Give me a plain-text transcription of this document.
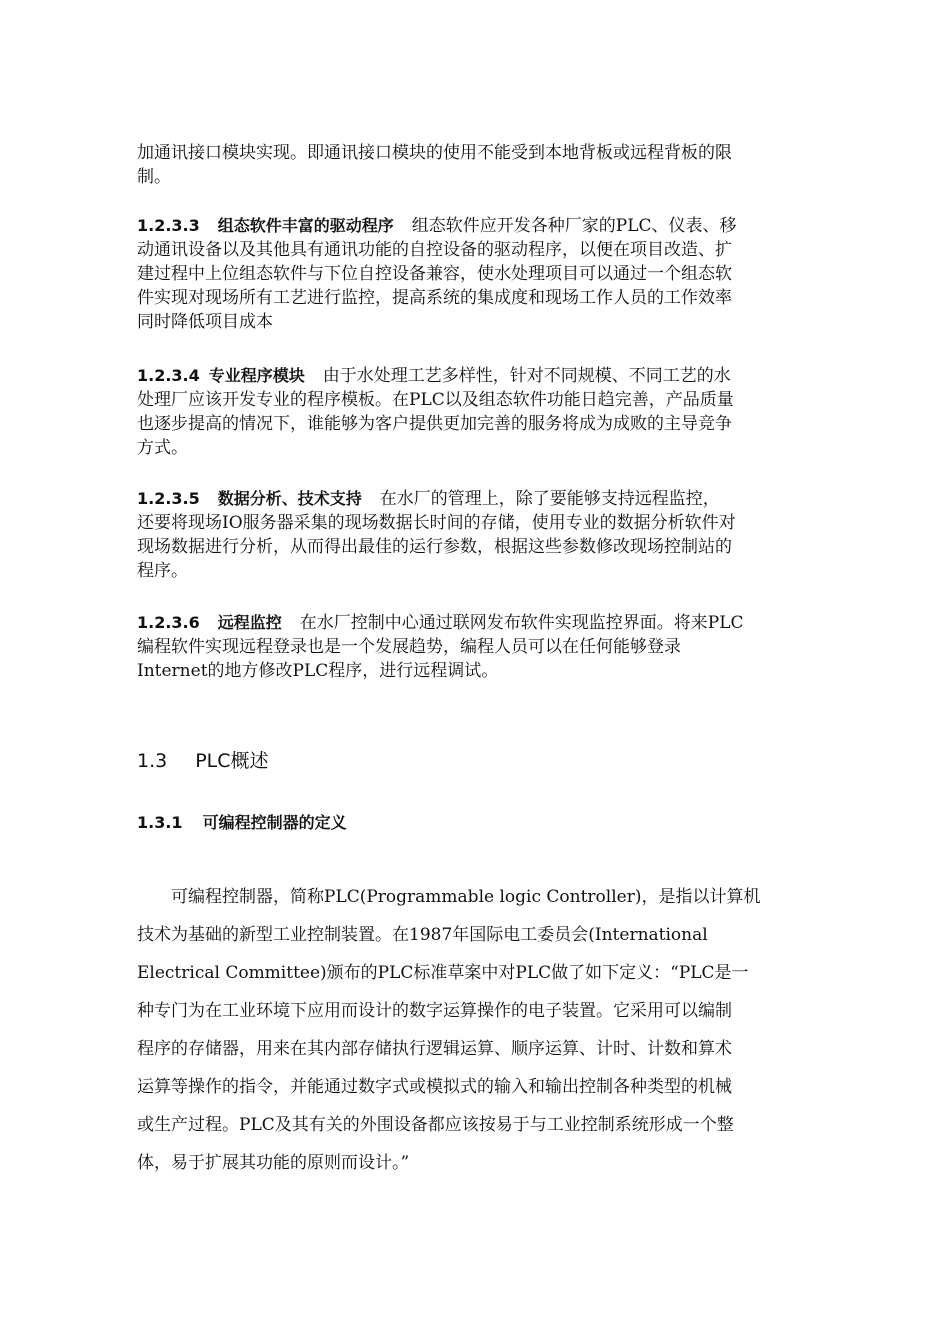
加通讯接口模块实现。即通讯接口模块的使用不能受到本地背板或远程背板的限
制。
1.2.3.3 组态软件丰富的驱动程序 组态软件应开发各种厂家的PLC、仪表、移
动通讯设备以及其他具有通讯功能的自控设备的驱动程序，以便在项目改造、扩
建过程中上位组态软件与下位自控设备兼容，使水处理项目可以通过一个组态软
件实现对现场所有工艺进行监控，提高系统的集成度和现场工作人员的工作效率
同时降低项目成本
1.2.3.4 专业程序模块 由于水处理工艺多样性，针对不同规模、不同工艺的水
处理厂应该开发专业的程序模板。在PLC以及组态软件功能日趋完善，产品质量
也逐步提高的情况下，谁能够为客户提供更加完善的服务将成为成败的主导竞争
方式。
1.2.3.5 数据分析、技术支持 在水厂的管理上，除了要能够支持远程监控，
还要将现场IO服务器采集的现场数据长时间的存储，使用专业的数据分析软件对
现场数据进行分析，从而得出最佳的运行参数，根据这些参数修改现场控制站的
程序。
1.2.3.6 远程监控 在水厂控制中心通过联网发布软件实现监控界面。将来PLC
编程软件实现远程登录也是一个发展趋势，编程人员可以在任何能够登录
Internet的地方修改PLC程序，进行远程调试。
1.3 PLC概述
1.3.1 可编程控制器的定义
　　可编程控制器，简称PLC(Programmable logic Controller)，是指以计算机
技术为基础的新型工业控制装置。在1987年国际电工委员会(International
Electrical Committee)颁布的PLC标准草案中对PLC做了如下定义：“PLC是一
种专门为在工业环境下应用而设计的数字运算操作的电子装置。它采用可以编制
程序的存储器，用来在其内部存储执行逻辑运算、顺序运算、计时、计数和算术
运算等操作的指令，并能通过数字式或模拟式的输入和输出控制各种类型的机械
或生产过程。PLC及其有关的外围设备都应该按易于与工业控制系统形成一个整
体，易于扩展其功能的原则而设计。”
